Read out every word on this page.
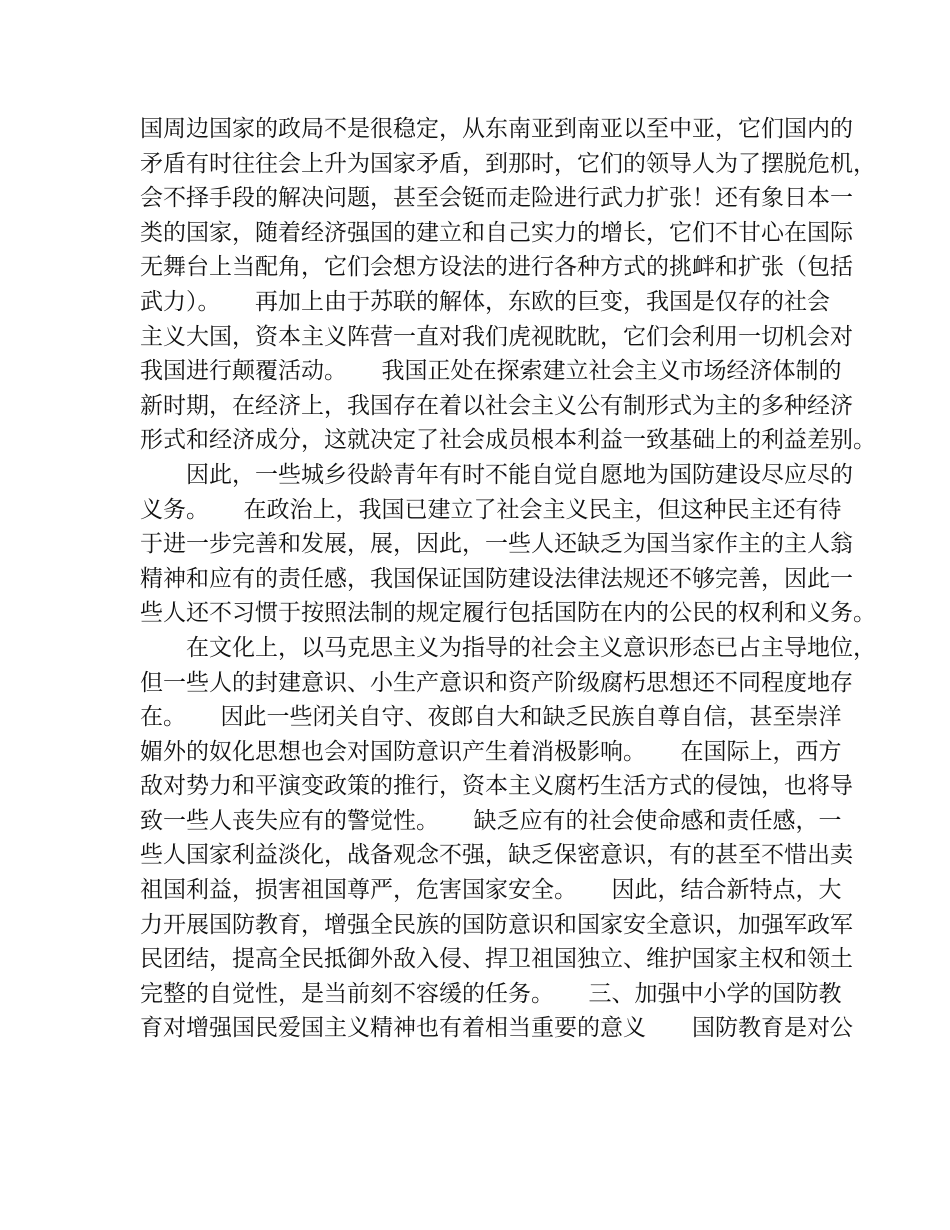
国周边国家的政局不是很稳定，从东南亚到南亚以至中亚，它们国内的
矛盾有时往往会上升为国家矛盾，到那时，它们的领导人为了摆脱危机，
会不择手段的解决问题，甚至会铤而走险进行武力扩张！还有象日本一
类的国家，随着经济强国的建立和自己实力的增长，它们不甘心在国际
无舞台上当配角，它们会想方设法的进行各种方式的挑衅和扩张（包括
武力）。　　再加上由于苏联的解体，东欧的巨变，我国是仅存的社会
主义大国，资本主义阵营一直对我们虎视眈眈，它们会利用一切机会对
我国进行颠覆活动。　　我国正处在探索建立社会主义市场经济体制的
新时期，在经济上，我国存在着以社会主义公有制形式为主的多种经济
形式和经济成分，这就决定了社会成员根本利益一致基础上的利益差别。
　　因此，一些城乡役龄青年有时不能自觉自愿地为国防建设尽应尽的
义务。　　在政治上，我国已建立了社会主义民主，但这种民主还有待
于进一步完善和发展，展，因此，一些人还缺乏为国当家作主的主人翁
精神和应有的责任感，我国保证国防建设法律法规还不够完善，因此一
些人还不习惯于按照法制的规定履行包括国防在内的公民的权利和义务。
　　在文化上，以马克思主义为指导的社会主义意识形态已占主导地位，
但一些人的封建意识、小生产意识和资产阶级腐朽思想还不同程度地存
在。　　因此一些闭关自守、夜郎自大和缺乏民族自尊自信，甚至崇洋
媚外的奴化思想也会对国防意识产生着消极影响。　　在国际上，西方
敌对势力和平演变政策的推行，资本主义腐朽生活方式的侵蚀，也将导
致一些人丧失应有的警觉性。　　缺乏应有的社会使命感和责任感，一
些人国家利益淡化，战备观念不强，缺乏保密意识，有的甚至不惜出卖
祖国利益，损害祖国尊严，危害国家安全。　　因此，结合新特点，大
力开展国防教育，增强全民族的国防意识和国家安全意识，加强军政军
民团结，提高全民抵御外敌入侵、捍卫祖国独立、维护国家主权和领土
完整的自觉性，是当前刻不容缓的任务。　　三、加强中小学的国防教
育对增强国民爱国主义精神也有着相当重要的意义　　国防教育是对公
